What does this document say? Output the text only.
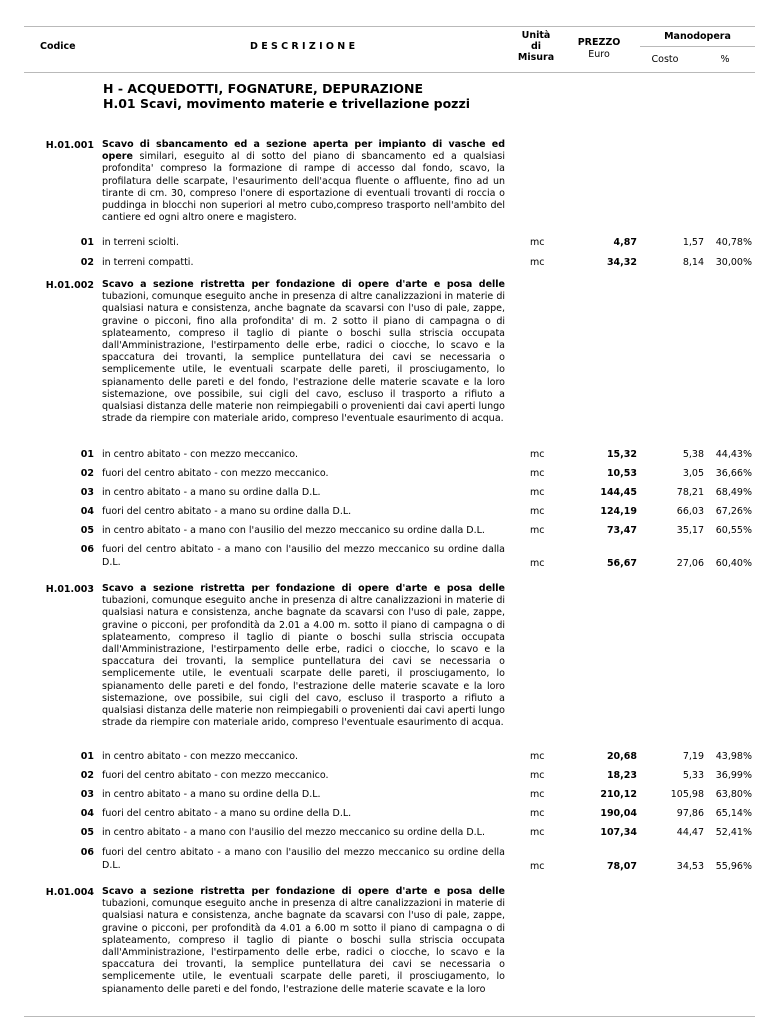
Codice	D E S C R I Z I O N E
Unità
di
Misura
PREZZO
Euro
Manodopera
Costo	%
H - ACQUEDOTTI, FOGNATURE, DEPURAZIONE
H.01 Scavi, movimento materie e trivellazione pozzi
H.01.001 Scavo di sbancamento ed a sezione aperta per impianto di vasche ed opere similari, eseguito al di sotto del piano di sbancamento ed a qualsiasi profondita' compreso la formazione di rampe di accesso dal fondo, scavo, la profilatura delle scarpate, l'esaurimento dell'acqua fluente o affluente, fino ad un tirante di cm. 30, compreso l'onere di esportazione di eventuali trovanti di roccia o puddinga in blocchi non superiori al metro cubo,compreso trasporto nell'ambito del cantiere ed ogni altro onere e magistero.
01 in terreni sciolti.	mc	4,87	1,57	40,78%
02 in terreni compatti.	mc	34,32	8,14	30,00%
H.01.002 Scavo a sezione ristretta per fondazione di opere d'arte e posa delle tubazioni, comunque eseguito anche in presenza di altre canalizzazioni in materie di qualsiasi natura e consistenza, anche bagnate da scavarsi con l'uso di pale, zappe, gravine o picconi, fino alla profondita' di m. 2 sotto il piano di campagna o di splateamento, compreso il taglio di piante o boschi sulla striscia occupata dall'Amministrazione, l'estirpamento delle erbe, radici o ciocche, lo scavo e la spaccatura dei trovanti, la semplice puntellatura dei cavi se necessaria o semplicemente utile, le eventuali scarpate delle pareti, il prosciugamento, lo spianamento delle pareti e del fondo, l'estrazione delle materie scavate e la loro sistemazione, ove possibile, sui cigli del cavo, escluso il trasporto a rifiuto a qualsiasi distanza delle materie non reimpiegabili o provenienti dai cavi aperti lungo strade da riempire con materiale arido, compreso l'eventuale esaurimento di acqua.
01 in centro abitato - con mezzo meccanico.	mc	15,32	5,38	44,43%
02 fuori del centro abitato - con mezzo meccanico.	mc	10,53	3,05	36,66%
03 in centro abitato - a mano su ordine dalla D.L.	mc	144,45	78,21	68,49%
04 fuori del centro abitato - a mano su ordine dalla D.L.	mc	124,19	66,03	67,26%
05 in centro abitato - a mano con l'ausilio del mezzo meccanico su ordine dalla D.L.	mc	73,47	35,17	60,55%
06 fuori del centro abitato - a mano con l'ausilio del mezzo meccanico su ordine dalla D.L.	mc	56,67	27,06	60,40%
H.01.003 Scavo a sezione ristretta per fondazione di opere d'arte e posa delle tubazioni, comunque eseguito anche in presenza di altre canalizzazioni in materie di qualsiasi natura e consistenza, anche bagnate da scavarsi con l'uso di pale, zappe, gravine o picconi, per profondità da 2.01 a 4.00 m. sotto il piano di campagna o di splateamento, compreso il taglio di piante o boschi sulla striscia occupata dall'Amministrazione, l'estirpamento delle erbe, radici o ciocche, lo scavo e la spaccatura dei trovanti, la semplice puntellatura dei cavi se necessaria o semplicemente utile, le eventuali scarpate delle pareti, il prosciugamento, lo spianamento delle pareti e del fondo, l'estrazione delle materie scavate e la loro sistemazione, ove possibile, sui cigli del cavo, escluso il trasporto a rifiuto a qualsiasi distanza delle materie non reimpiegabili o provenienti dai cavi aperti lungo strade da riempire con materiale arido, compreso l'eventuale esaurimento di acqua.
01 in centro abitato - con mezzo meccanico.	mc	20,68	7,19	43,98%
02 fuori del centro abitato - con mezzo meccanico.	mc	18,23	5,33	36,99%
03 in centro abitato - a mano su ordine della D.L.	mc	210,12	105,98	63,80%
04 fuori del centro abitato - a mano su ordine della D.L.	mc	190,04	97,86	65,14%
05 in centro abitato - a mano con l'ausilio del mezzo meccanico su ordine della D.L.	mc	107,34	44,47	52,41%
06 fuori del centro abitato - a mano con l'ausilio del mezzo meccanico su ordine della D.L.	mc	78,07	34,53	55,96%
H.01.004 Scavo a sezione ristretta per fondazione di opere d'arte e posa delle tubazioni, comunque eseguito anche in presenza di altre canalizzazioni in materie di qualsiasi natura e consistenza, anche bagnate da scavarsi con l'uso di pale, zappe, gravine o picconi, per profondità da 4.01 a 6.00 m sotto il piano di campagna o di splateamento, compreso il taglio di piante o boschi sulla striscia occupata dall'Amministrazione, l'estirpamento delle erbe, radici o ciocche, lo scavo e la spaccatura dei trovanti, la semplice puntellatura dei cavi se necessaria o semplicemente utile, le eventuali scarpate delle pareti, il prosciugamento, lo spianamento delle pareti e del fondo, l'estrazione delle materie scavate e la loro
